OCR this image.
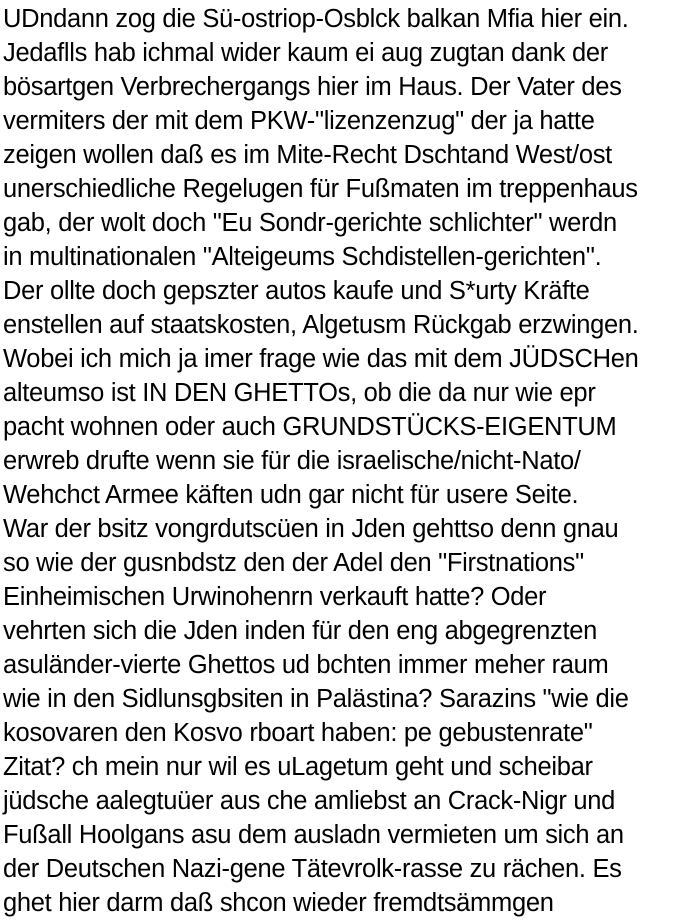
UDndann zog die Sü-ostriop-Osblck balkan Mfia hier ein.
Jedaflls hab ichmal wider kaum ei aug zugtan dank der
bösartgen Verbrechergangs hier im Haus. Der Vater des
vermiters der mit dem PKW-"lizenzenzug" der ja hatte
zeigen wollen daß es im Mite-Recht Dschtand West/ost
unerschiedliche Regelugen für Fußmaten im treppenhaus
gab, der wolt doch "Eu Sondr-gerichte schlichter" werdn
in multinationalen "Alteigeums Schdistellen-gerichten".
Der ollte doch gepszter autos kaufe und S*urty Kräfte
enstellen auf staatskosten, Algetusm Rückgab erzwingen.
Wobei ich mich ja imer frage wie das mit dem JÜDSCHen
alteumso ist IN DEN GHETTOs, ob die da nur wie epr
pacht wohnen oder auch GRUNDSTÜCKS-EIGENTUM
erwreb drufte wenn sie für die israelische/nicht-Nato/
Wehchct Armee käften udn gar nicht für usere Seite.
War der bsitz vongrdutscüen in Jden gehttso denn gnau
so wie der gusnbdstz den der Adel den "Firstnations"
Einheimischen Urwinohenrn verkauft hatte? Oder
vehrten sich die Jden inden für den eng abgegrenzten
asuländer-vierte Ghettos ud bchten immer meher raum
wie in den Sidlunsgbsiten in Palästina? Sarazins "wie die
kosovaren den Kosvo rboart haben: pe gebustenrate"
Zitat? ch mein nur wil es uLagetum geht und scheibar
jüdsche aalegtuüer aus che amliebst an Crack-Nigr und
Fußall Hoolgans asu dem ausladn vermieten um sich an
der Deutschen Nazi-gene Tätevrolk-rasse zu rächen. Es
ghet hier darm daß shcon wieder fremdtsämmgen
